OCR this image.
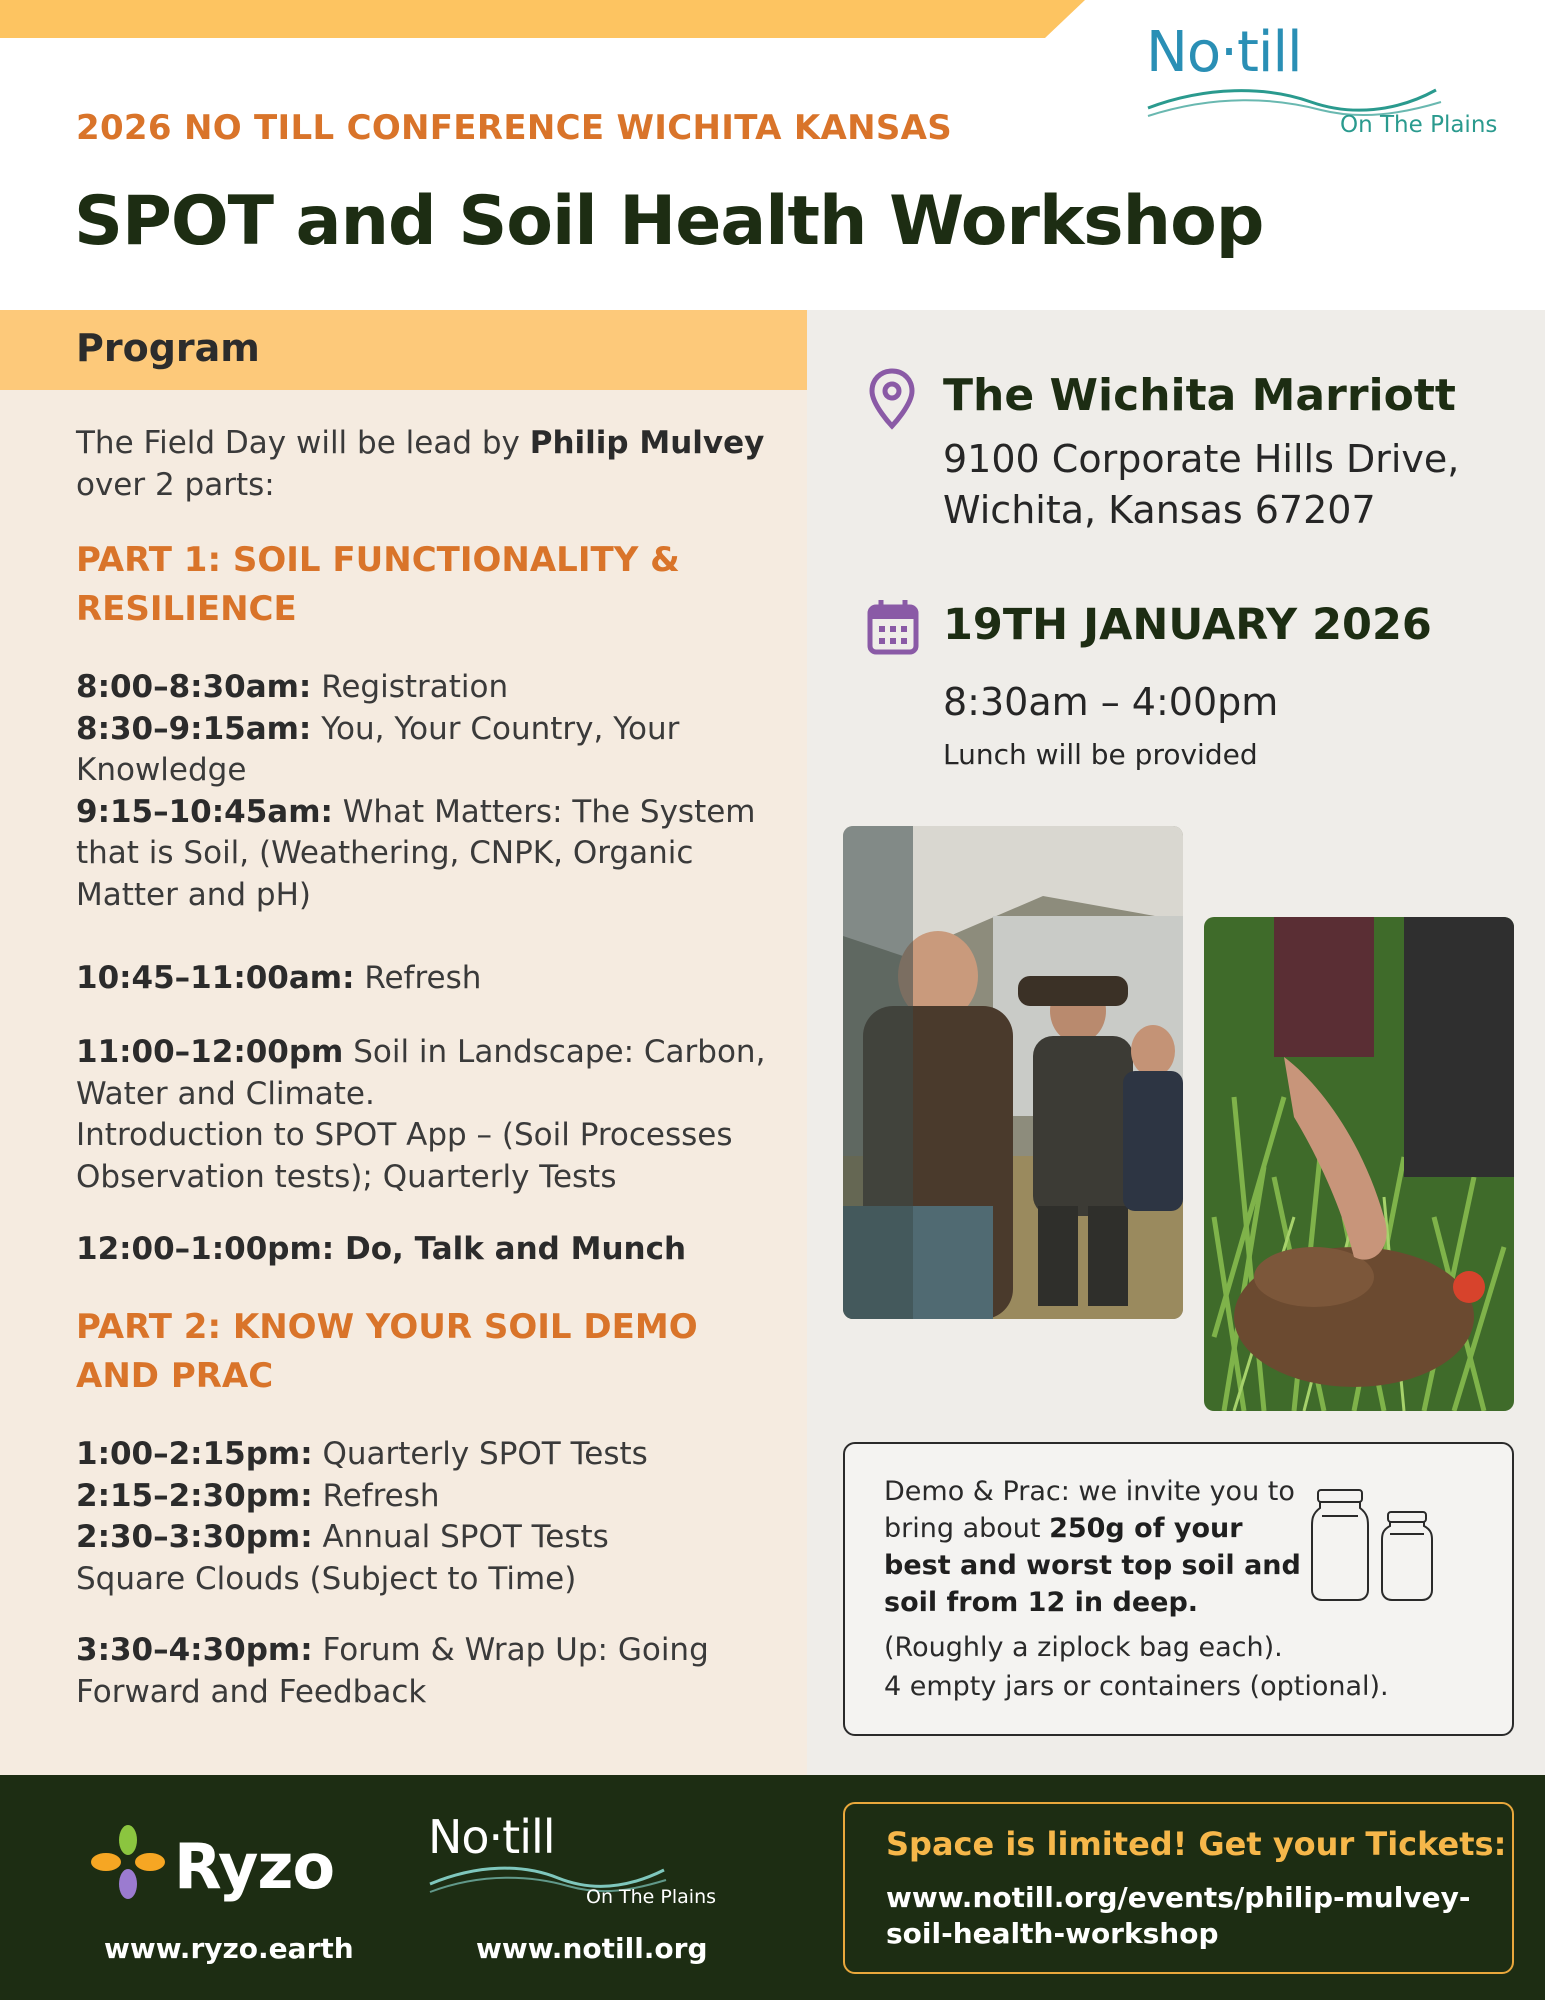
2026 NO TILL CONFERENCE WICHITA KANSAS
SPOT and Soil Health Workshop
No·till
On The Plains
Program
The Field Day will be lead by Philip Mulvey
over 2 parts:
PART 1: SOIL FUNCTIONALITY &
RESILIENCE
8:00–8:30am: Registration
8:30–9:15am: You, Your Country, Your Knowledge
9:15–10:45am: What Matters: The System that is Soil, (Weathering, CNPK, Organic Matter and pH)
10:45–11:00am: Refresh
11:00–12:00pm Soil in Landscape: Carbon, Water and Climate.
Introduction to SPOT App – (Soil Processes Observation tests); Quarterly Tests
12:00–1:00pm: Do, Talk and Munch
PART 2: KNOW YOUR SOIL DEMO
AND PRAC
1:00–2:15pm: Quarterly SPOT Tests
2:15–2:30pm: Refresh
2:30–3:30pm: Annual SPOT Tests
Square Clouds (Subject to Time)
3:30–4:30pm: Forum & Wrap Up: Going Forward and Feedback
The Wichita Marriott
9100 Corporate Hills Drive,
Wichita, Kansas 67207
19TH JANUARY 2026
8:30am – 4:00pm
Lunch will be provided
Demo & Prac: we invite you to bring about 250g of your best and worst top soil and soil from 12 in deep.
(Roughly a ziplock bag each).
4 empty jars or containers (optional).
Ryzo
www.ryzo.earth
No·till
On The Plains
www.notill.org
Space is limited! Get your Tickets:
www.notill.org/events/philip-mulvey-soil-health-workshop
